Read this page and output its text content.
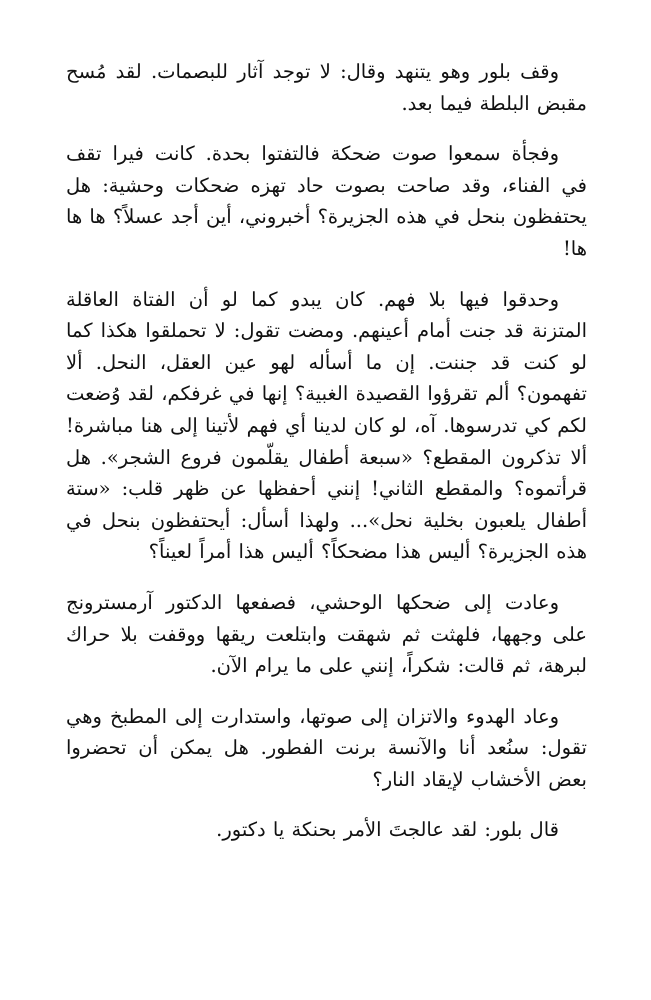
وقف بلور وهو يتنهد وقال: لا توجد آثار للبصمات. لقد مُسح مقبض البلطة فيما بعد.

وفجأة سمعوا صوت ضحكة فالتفتوا بحدة. كانت فيرا تقف في الفناء، وقد صاحت بصوت حاد تهزه ضحكات وحشية: هل يحتفظون بنحل في هذه الجزيرة؟ أخبروني، أين أجد عسلاً؟ ها ها ها!

وحدقوا فيها بلا فهم. كان يبدو كما لو أن الفتاة العاقلة المتزنة قد جنت أمام أعينهم. ومضت تقول: لا تحملقوا هكذا كما لو كنت قد جننت. إن ما أسأله لهو عين العقل، النحل. ألا تفهمون؟ ألم تقرؤوا القصيدة الغبية؟ إنها في غرفكم، لقد وُضعت لكم كي تدرسوها. آه، لو كان لدينا أي فهم لأتينا إلى هنا مباشرة! ألا تذكرون المقطع؟ «سبعة أطفال يقلّمون فروع الشجر». هل قرأتموه؟ والمقطع الثاني! إنني أحفظها عن ظهر قلب: «ستة أطفال يلعبون بخلية نحل»... ولهذا أسأل: أيحتفظون بنحل في هذه الجزيرة؟ أليس هذا مضحكاً؟ أليس هذا أمراً لعيناً؟

وعادت إلى ضحكها الوحشي، فصفعها الدكتور آرمسترونج على وجهها، فلهثت ثم شهقت وابتلعت ريقها ووقفت بلا حراك لبرهة، ثم قالت: شكراً، إنني على ما يرام الآن.

وعاد الهدوء والاتزان إلى صوتها، واستدارت إلى المطبخ وهي تقول: سنُعد أنا والآنسة برنت الفطور. هل يمكن أن تحضروا بعض الأخشاب لإيقاد النار؟

قال بلور: لقد عالجتَ الأمر بحنكة يا دكتور.
